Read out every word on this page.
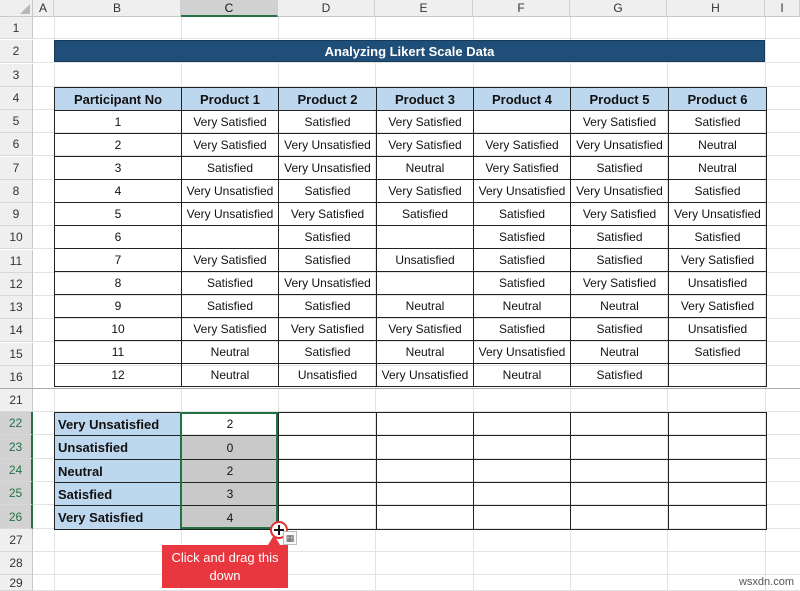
A	B	C	D	E	F	G	H	I
1
2
3
4
5
6
7
8
9
10
11
12
13
14
15
16
21
22
23
24
25
26
27
28
29
Analyzing Likert Scale Data
Participant No	Product 1	Product 2	Product 3	Product 4	Product 5	Product 6
1	Very Satisfied	Satisfied	Very Satisfied		Very Satisfied	Satisfied
2	Very Satisfied	Very Unsatisfied	Very Satisfied	Very Satisfied	Very Unsatisfied	Neutral
3	Satisfied	Very Unsatisfied	Neutral	Very Satisfied	Satisfied	Neutral
4	Very Unsatisfied	Satisfied	Very Satisfied	Very Unsatisfied	Very Unsatisfied	Satisfied
5	Very Unsatisfied	Very Satisfied	Satisfied	Satisfied	Very Satisfied	Very Unsatisfied
6		Satisfied		Satisfied	Satisfied	Satisfied
7	Very Satisfied	Satisfied	Unsatisfied	Satisfied	Satisfied	Very Satisfied
8	Satisfied	Very Unsatisfied		Satisfied	Very Satisfied	Unsatisfied
9	Satisfied	Satisfied	Neutral	Neutral	Neutral	Very Satisfied
10	Very Satisfied	Very Satisfied	Very Satisfied	Satisfied	Satisfied	Unsatisfied
11	Neutral	Satisfied	Neutral	Very Unsatisfied	Neutral	Satisfied
12	Neutral	Unsatisfied	Very Unsatisfied	Neutral	Satisfied	
Very Unsatisfied	2					
Unsatisfied	0					
Neutral	2					
Satisfied	3					
Very Satisfied	4					
▦
Click and drag this down	wsxdn.com
